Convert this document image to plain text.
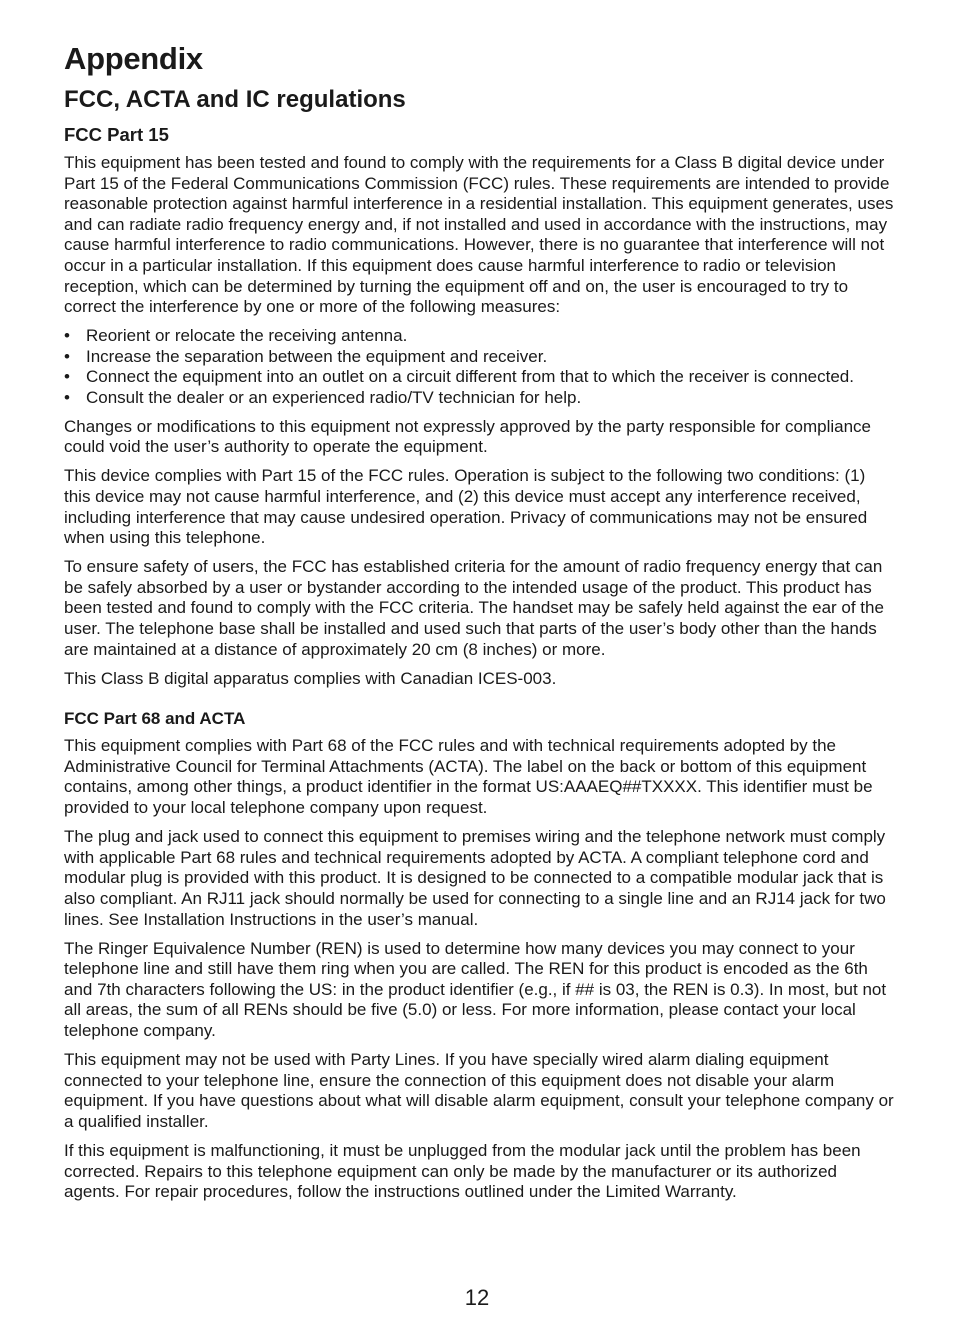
Appendix
FCC, ACTA and IC regulations
FCC Part 15

This equipment has been tested and found to comply with the requirements for a Class B digital device under Part 15 of the Federal Communications Commission (FCC) rules. These requirements are intended to provide reasonable protection against harmful interference in a residential installation. This equipment generates, uses and can radiate radio frequency energy and, if not installed and used in accordance with the instructions, may cause harmful interference to radio communications. However, there is no guarantee that interference will not occur in a particular installation. If this equipment does cause harmful interference to radio or television reception, which can be determined by turning the equipment off and on, the user is encouraged to try to correct the interference by one or more of the following measures:

• Reorient or relocate the receiving antenna.
• Increase the separation between the equipment and receiver.
• Connect the equipment into an outlet on a circuit different from that to which the receiver is connected.
• Consult the dealer or an experienced radio/TV technician for help.

Changes or modifications to this equipment not expressly approved by the party responsible for compliance could void the user’s authority to operate the equipment.

This device complies with Part 15 of the FCC rules. Operation is subject to the following two conditions: (1) this device may not cause harmful interference, and (2) this device must accept any interference received, including interference that may cause undesired operation. Privacy of communications may not be ensured when using this telephone.

To ensure safety of users, the FCC has established criteria for the amount of radio frequency energy that can be safely absorbed by a user or bystander according to the intended usage of the product. This product has been tested and found to comply with the FCC criteria. The handset may be safely held against the ear of the user. The telephone base shall be installed and used such that parts of the user’s body other than the hands are maintained at a distance of approximately 20 cm (8 inches) or more.

This Class B digital apparatus complies with Canadian ICES-003.

FCC Part 68 and ACTA

This equipment complies with Part 68 of the FCC rules and with technical requirements adopted by the Administrative Council for Terminal Attachments (ACTA). The label on the back or bottom of this equipment contains, among other things, a product identifier in the format US:AAAEQ##TXXXX. This identifier must be provided to your local telephone company upon request.

The plug and jack used to connect this equipment to premises wiring and the telephone network must comply with applicable Part 68 rules and technical requirements adopted by ACTA. A compliant telephone cord and modular plug is provided with this product. It is designed to be connected to a compatible modular jack that is also compliant. An RJ11 jack should normally be used for connecting to a single line and an RJ14 jack for two lines. See Installation Instructions in the user’s manual.

The Ringer Equivalence Number (REN) is used to determine how many devices you may connect to your telephone line and still have them ring when you are called. The REN for this product is encoded as the 6th and 7th characters following the US: in the product identifier (e.g., if ## is 03, the REN is 0.3). In most, but not all areas, the sum of all RENs should be five (5.0) or less. For more information, please contact your local telephone company.

This equipment may not be used with Party Lines. If you have specially wired alarm dialing equipment connected to your telephone line, ensure the connection of this equipment does not disable your alarm equipment. If you have questions about what will disable alarm equipment, consult your telephone company or a qualified installer.

If this equipment is malfunctioning, it must be unplugged from the modular jack until the problem has been corrected. Repairs to this telephone equipment can only be made by the manufacturer or its authorized agents. For repair procedures, follow the instructions outlined under the Limited Warranty.

12
